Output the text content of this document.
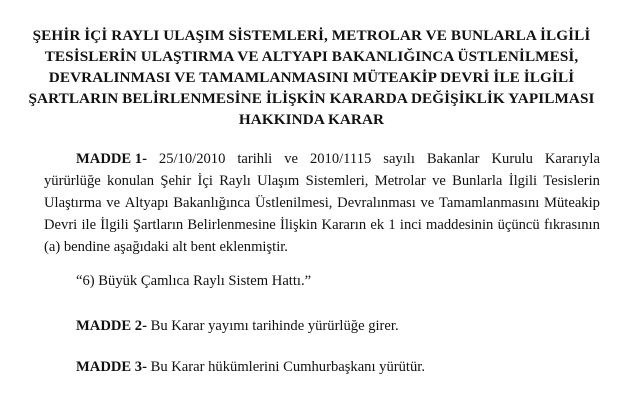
ŞEHİR İÇİ RAYLI ULAŞIM SİSTEMLERİ, METROLAR VE BUNLARLA İLGİLİ
TESİSLERİN ULAŞTIRMA VE ALTYAPI BAKANLIĞINCA ÜSTLENİLMESİ,
DEVRALINMASI VE TAMAMLANMASINI MÜTEAKİP DEVRİ İLE İLGİLİ
ŞARTLARIN BELİRLENMESİNE İLİŞKİN KARARDA DEĞİŞİKLİK YAPILMASI
HAKKINDA KARAR
MADDE 1- 25/10/2010 tarihli ve 2010/1115 sayılı Bakanlar Kurulu Kararıyla
yürürlüğe konulan Şehir İçi Raylı Ulaşım Sistemleri, Metrolar ve Bunlarla İlgili Tesislerin
Ulaştırma ve Altyapı Bakanlığınca Üstlenilmesi, Devralınması ve Tamamlanmasını Müteakip
Devri ile İlgili Şartların Belirlenmesine İlişkin Kararın ek 1 inci maddesinin üçüncü fıkrasının
(a) bendine aşağıdaki alt bent eklenmiştir.
“6) Büyük Çamlıca Raylı Sistem Hattı.”
MADDE 2- Bu Karar yayımı tarihinde yürürlüğe girer.
MADDE 3- Bu Karar hükümlerini Cumhurbaşkanı yürütür.
